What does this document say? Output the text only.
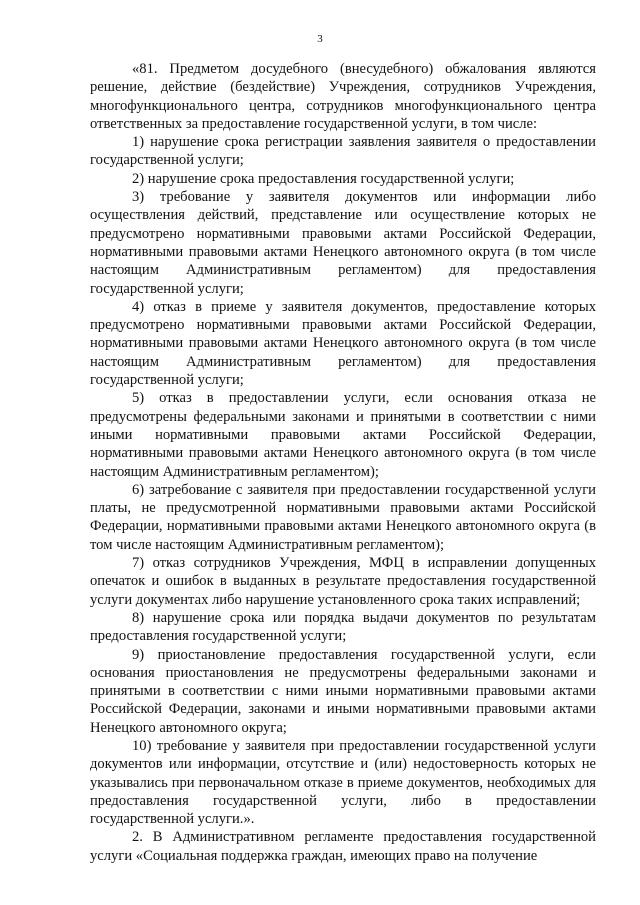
3

«81. Предметом досудебного (внесудебного) обжалования являются решение, действие (бездействие) Учреждения, сотрудников Учреждения, многофункционального центра, сотрудников многофункционального центра ответственных за предоставление государственной услуги, в том числе:

1) нарушение срока регистрации заявления заявителя о предоставлении государственной услуги;

2) нарушение срока предоставления государственной услуги;

3) требование у заявителя документов или информации либо осуществления действий, представление или осуществление которых не предусмотрено нормативными правовыми актами Российской Федерации, нормативными правовыми актами Ненецкого автономного округа (в том числе настоящим Административным регламентом) для предоставления государственной услуги;

4) отказ в приеме у заявителя документов, предоставление которых предусмотрено нормативными правовыми актами Российской Федерации, нормативными правовыми актами Ненецкого автономного округа (в том числе настоящим Административным регламентом) для предоставления государственной услуги;

5) отказ в предоставлении услуги, если основания отказа не предусмотрены федеральными законами и принятыми в соответствии с ними иными нормативными правовыми актами Российской Федерации, нормативными правовыми актами Ненецкого автономного округа (в том числе настоящим Административным регламентом);

6) затребование с заявителя при предоставлении государственной услуги платы, не предусмотренной нормативными правовыми актами Российской Федерации, нормативными правовыми актами Ненецкого автономного округа (в том числе настоящим Административным регламентом);

7) отказ сотрудников Учреждения, МФЦ в исправлении допущенных опечаток и ошибок в выданных в результате предоставления государственной услуги документах либо нарушение установленного срока таких исправлений;

8) нарушение срока или порядка выдачи документов по результатам предоставления государственной услуги;

9) приостановление предоставления государственной услуги, если основания приостановления не предусмотрены федеральными законами и принятыми в соответствии с ними иными нормативными правовыми актами Российской Федерации, законами и иными нормативными правовыми актами Ненецкого автономного округа;

10) требование у заявителя при предоставлении государственной услуги документов или информации, отсутствие и (или) недостоверность которых не указывались при первоначальном отказе в приеме документов, необходимых для предоставления государственной услуги, либо в предоставлении государственной услуги.».

2. В Административном регламенте предоставления государственной услуги «Социальная поддержка граждан, имеющих право на получение
